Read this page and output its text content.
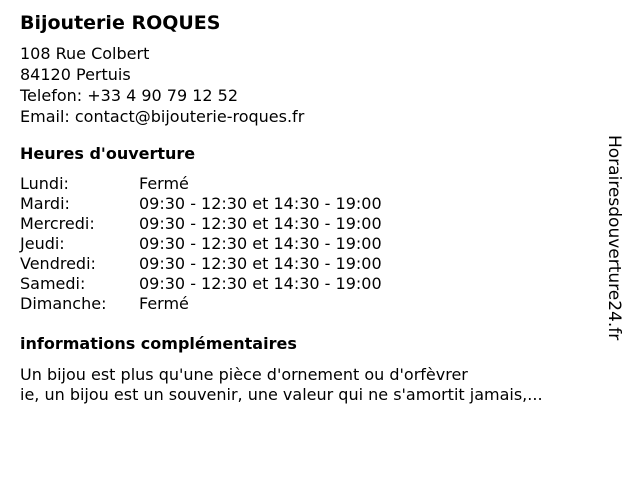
Bijouterie ROQUES
108 Rue Colbert
84120 Pertuis
Telefon: +33 4 90 79 12 52
Email: contact@bijouterie-roques.fr
Heures d'ouverture
Lundi:	Fermé
Mardi:	09:30 - 12:30 et 14:30 - 19:00
Mercredi:	09:30 - 12:30 et 14:30 - 19:00
Jeudi:	09:30 - 12:30 et 14:30 - 19:00
Vendredi:	09:30 - 12:30 et 14:30 - 19:00
Samedi:	09:30 - 12:30 et 14:30 - 19:00
Dimanche: Fermé
informations complémentaires
Un bijou est plus qu'une pièce d'ornement ou d'orfèvrer
ie, un bijou est un souvenir, une valeur qui ne s'amortit jamais,...
Horairesdouverture24.fr
